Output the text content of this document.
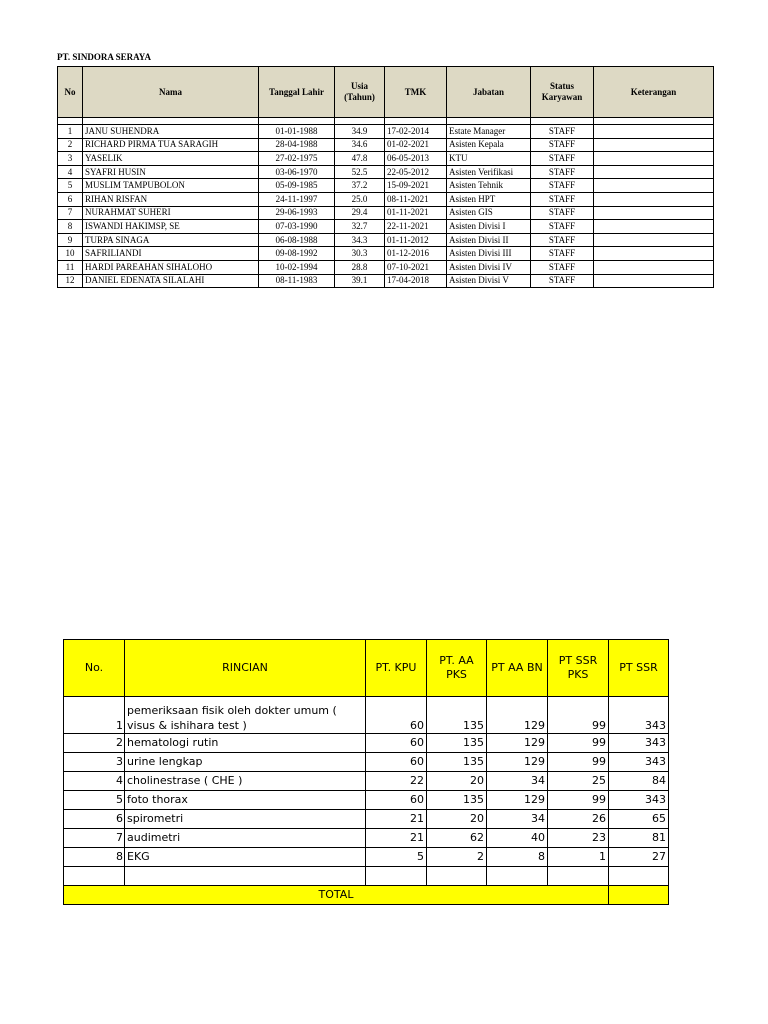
PT. SINDORA SERAYA
No	Nama	Tanggal Lahir	Usia (Tahun)	TMK	Jabatan	Status Karyawan	Keterangan

1	JANU SUHENDRA	01-01-1988	34.9	17-02-2014	Estate Manager	STAFF	
2	RICHARD PIRMA TUA SARAGIH	28-04-1988	34.6	01-02-2021	Asisten Kepala	STAFF	
3	YASELIK	27-02-1975	47.8	06-05-2013	KTU	STAFF	
4	SYAFRI HUSIN	03-06-1970	52.5	22-05-2012	Asisten Verifikasi	STAFF	
5	MUSLIM TAMPUBOLON	05-09-1985	37.2	15-09-2021	Asisten Tehnik	STAFF	
6	RIHAN RISFAN	24-11-1997	25.0	08-11-2021	Asisten HPT	STAFF	
7	NURAHMAT SUHERI	29-06-1993	29.4	01-11-2021	Asisten GIS	STAFF	
8	ISWANDI HAKIMSP, SE	07-03-1990	32.7	22-11-2021	Asisten Divisi I	STAFF	
9	TURPA SINAGA	06-08-1988	34.3	01-11-2012	Asisten Divisi II	STAFF	
10	SAFRILIANDI	09-08-1992	30.3	01-12-2016	Asisten Divisi III	STAFF	
11	HARDI PAREAHAN SIHALOHO	10-02-1994	28.8	07-10-2021	Asisten Divisi IV	STAFF	
12	DANIEL EDENATA SILALAHI	08-11-1983	39.1	17-04-2018	Asisten Divisi V	STAFF	
No.	RINCIAN	PT. KPU	PT. AA PKS	PT AA BN	PT SSR PKS	PT SSR
1	pemeriksaan fisik oleh dokter umum ( visus & ishihara test )	60	135	129	99	343
2	hematologi rutin	60	135	129	99	343
3	urine lengkap	60	135	129	99	343
4	cholinestrase ( CHE )	22	20	34	25	84
5	foto thorax	60	135	129	99	343
6	spirometri	21	20	34	26	65
7	audimetri	21	62	40	23	81
8	EKG	5	2	8	1	27

TOTAL						
